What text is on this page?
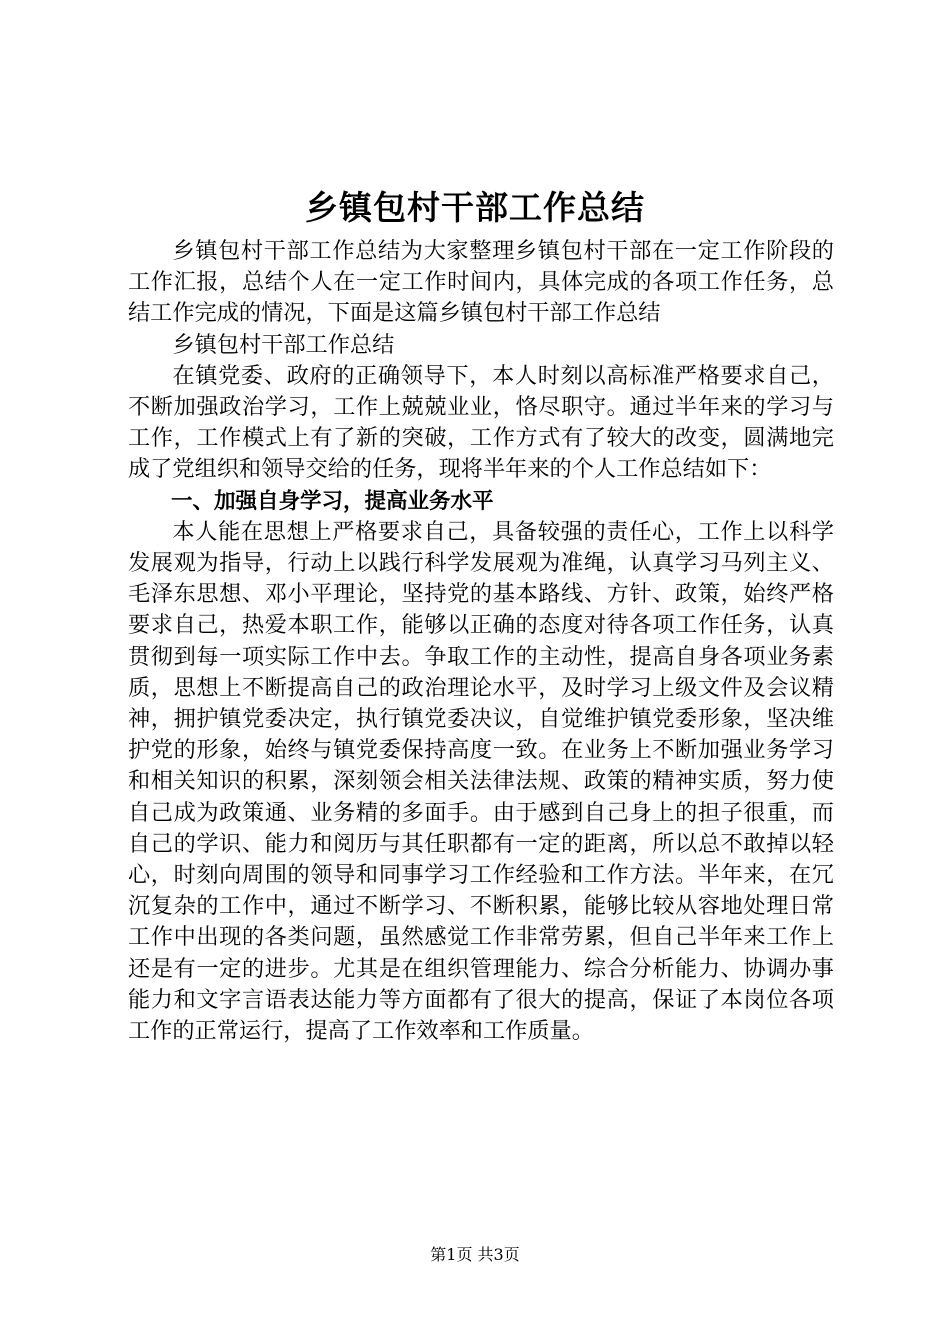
乡镇包村干部工作总结

乡镇包村干部工作总结为大家整理乡镇包村干部在一定工作阶段的工作汇报，总结个人在一定工作时间内，具体完成的各项工作任务，总结工作完成的情况，下面是这篇乡镇包村干部工作总结

乡镇包村干部工作总结

在镇党委、政府的正确领导下，本人时刻以高标准严格要求自己，不断加强政治学习，工作上兢兢业业，恪尽职守。通过半年来的学习与工作，工作模式上有了新的突破，工作方式有了较大的改变，圆满地完成了党组织和领导交给的任务，现将半年来的个人工作总结如下：

一、加强自身学习，提高业务水平

本人能在思想上严格要求自己，具备较强的责任心，工作上以科学发展观为指导，行动上以践行科学发展观为准绳，认真学习马列主义、毛泽东思想、邓小平理论，坚持党的基本路线、方针、政策，始终严格要求自己，热爱本职工作，能够以正确的态度对待各项工作任务，认真贯彻到每一项实际工作中去。争取工作的主动性，提高自身各项业务素质，思想上不断提高自己的政治理论水平，及时学习上级文件及会议精神，拥护镇党委决定，执行镇党委决议，自觉维护镇党委形象，坚决维护党的形象，始终与镇党委保持高度一致。在业务上不断加强业务学习和相关知识的积累，深刻领会相关法律法规、政策的精神实质，努力使自己成为政策通、业务精的多面手。由于感到自己身上的担子很重，而自己的学识、能力和阅历与其任职都有一定的距离，所以总不敢掉以轻心，时刻向周围的领导和同事学习工作经验和工作方法。半年来，在冗沉复杂的工作中，通过不断学习、不断积累，能够比较从容地处理日常工作中出现的各类问题，虽然感觉工作非常劳累，但自己半年来工作上还是有一定的进步。尤其是在组织管理能力、综合分析能力、协调办事能力和文字言语表达能力等方面都有了很大的提高，保证了本岗位各项工作的正常运行，提高了工作效率和工作质量。

第1页 共3页
